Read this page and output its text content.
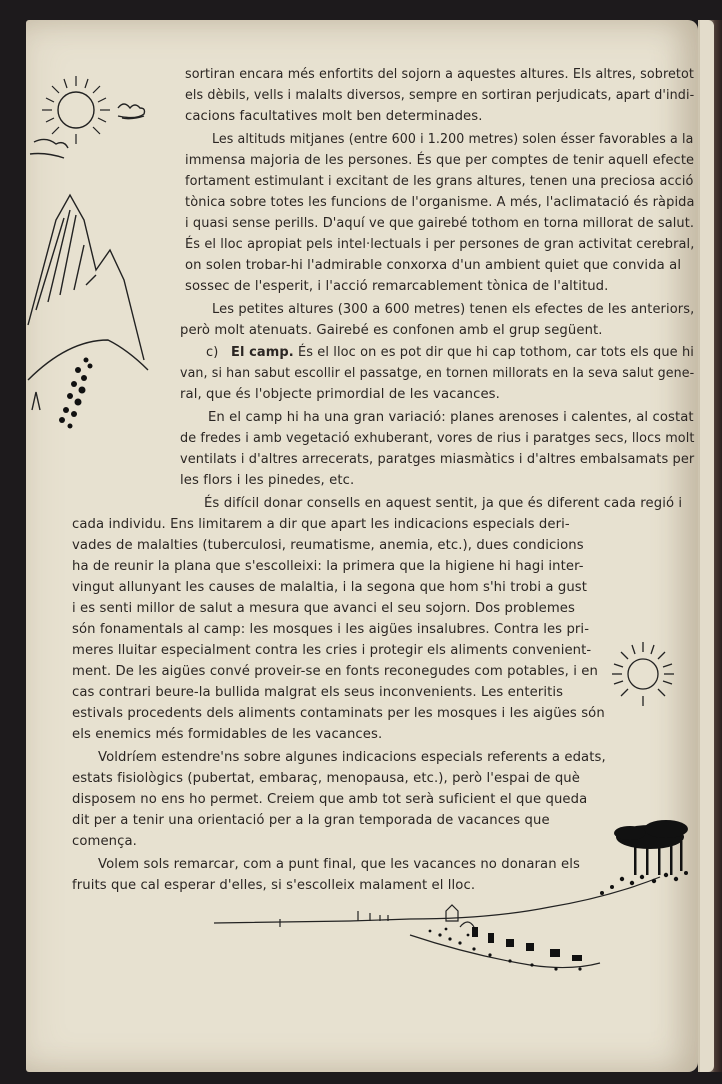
sortiran encara més enfortits del sojorn a aquestes altures. Els altres, sobretot
els dèbils, vells i malalts diversos, sempre en sortiran perjudicats, apart d'indi-
cacions facultatives molt ben determinades.
Les altituds mitjanes (entre 600 i 1.200 metres) solen ésser favorables a la
immensa majoria de les persones. És que per comptes de tenir aquell efecte
fortament estimulant i excitant de les grans altures, tenen una preciosa acció
tònica sobre totes les funcions de l'organisme. A més, l'aclimatació és ràpida
i quasi sense perills. D'aquí ve que gairebé tothom en torna millorat de salut.
És el lloc apropiat pels intel·lectuals i per persones de gran activitat cerebral,
on solen trobar-hi l'admirable conxorxa d'un ambient quiet que convida al
sossec de l'esperit, i l'acció remarcablement tònica de l'altitud.
Les petites altures (300 a 600 metres) tenen els efectes de les anteriors,
però molt atenuats. Gairebé es confonen amb el grup següent.
c) El camp. És el lloc on es pot dir que hi cap tothom, car tots els que hi
van, si han sabut escollir el passatge, en tornen millorats en la seva salut gene-
ral, que és l'objecte primordial de les vacances.
En el camp hi ha una gran variació: planes arenoses i calentes, al costat
de fredes i amb vegetació exhuberant, vores de rius i paratges secs, llocs molt
ventilats i d'altres arrecerats, paratges miasmàtics i d'altres embalsamats per
les flors i les pinedes, etc.
És difícil donar consells en aquest sentit, ja que és diferent cada regió i
cada individu. Ens limitarem a dir que apart les indicacions especials deri-
vades de malalties (tuberculosi, reumatisme, anemia, etc.), dues condicions
ha de reunir la plana que s'escolleixi: la primera que la higiene hi hagi inter-
vingut allunyant les causes de malaltia, i la segona que hom s'hi trobi a gust
i es senti millor de salut a mesura que avanci el seu sojorn. Dos problemes
són fonamentals al camp: les mosques i les aigües insalubres. Contra les pri-
meres lluitar especialment contra les cries i protegir els aliments convenient-
ment. De les aigües convé proveir-se en fonts reconegudes com potables, i en
cas contrari beure-la bullida malgrat els seus inconvenients. Les enteritis
estivals procedents dels aliments contaminats per les mosques i les aigües són
els enemics més formidables de les vacances.
Voldríem estendre'ns sobre algunes indicacions especials referents a edats,
estats fisiològics (pubertat, embaraç, menopausa, etc.), però l'espai de què
disposem no ens ho permet. Creiem que amb tot serà suficient el que queda
dit per a tenir una orientació per a la gran temporada de vacances que
comença.
Volem sols remarcar, com a punt final, que les vacances no donaran els
fruits que cal esperar d'elles, si s'escolleix malament el lloc.
